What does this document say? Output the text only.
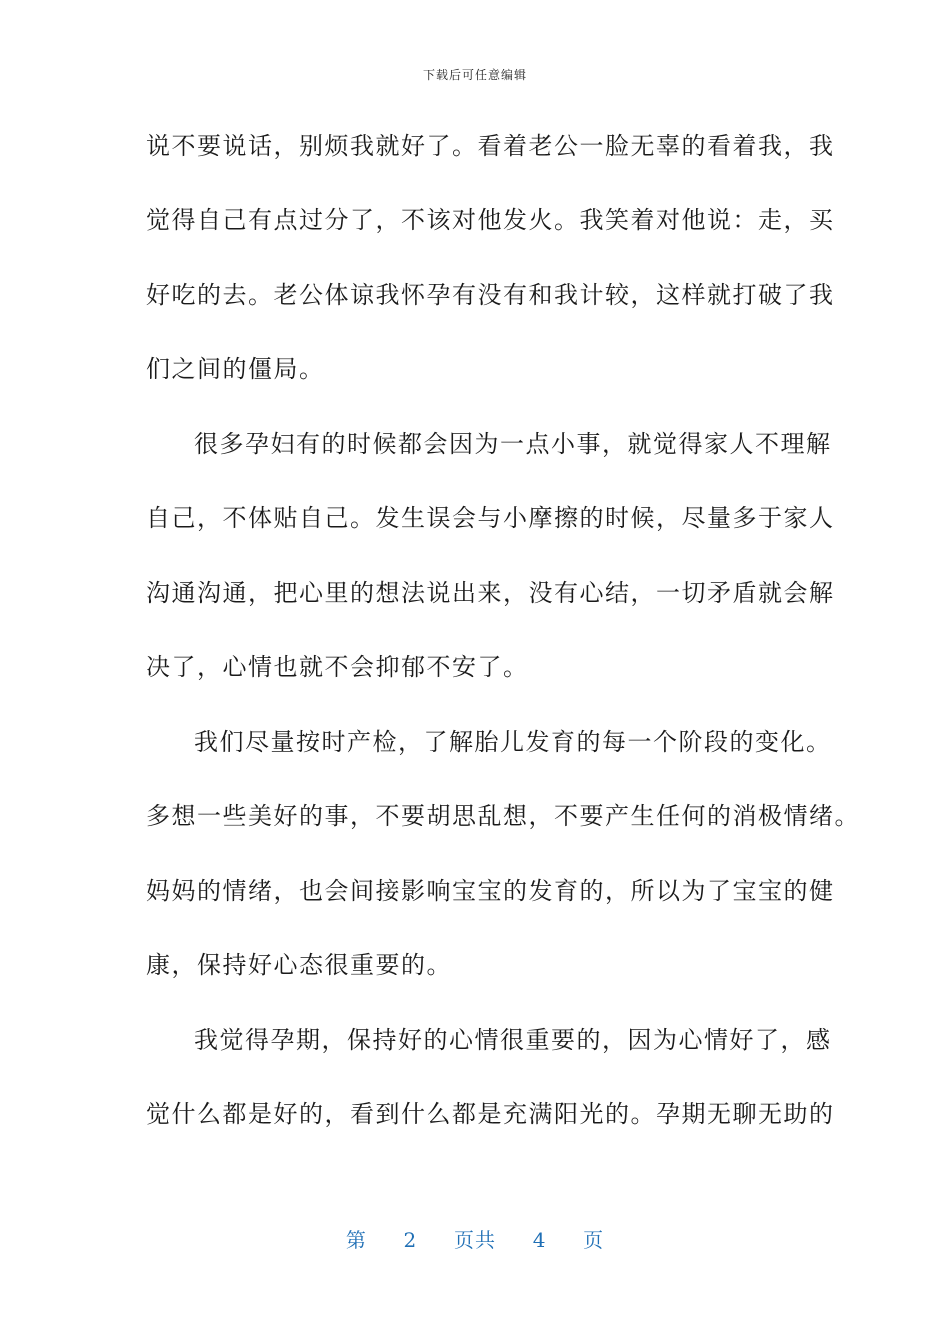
下载后可任意编辑
说不要说话，别烦我就好了。看着老公一脸无辜的看着我，我
觉得自己有点过分了，不该对他发火。我笑着对他说：走，买
好吃的去。老公体谅我怀孕有没有和我计较，这样就打破了我
们之间的僵局。
很多孕妇有的时候都会因为一点小事，就觉得家人不理解
自己，不体贴自己。发生误会与小摩擦的时候，尽量多于家人
沟通沟通，把心里的想法说出来，没有心结，一切矛盾就会解
决了，心情也就不会抑郁不安了。
我们尽量按时产检，了解胎儿发育的每一个阶段的变化。
多想一些美好的事，不要胡思乱想，不要产生任何的消极情绪。
妈妈的情绪，也会间接影响宝宝的发育的，所以为了宝宝的健
康，保持好心态很重要的。
我觉得孕期，保持好的心情很重要的，因为心情好了，感
觉什么都是好的，看到什么都是充满阳光的。孕期无聊无助的
第 2 页共 4 页
